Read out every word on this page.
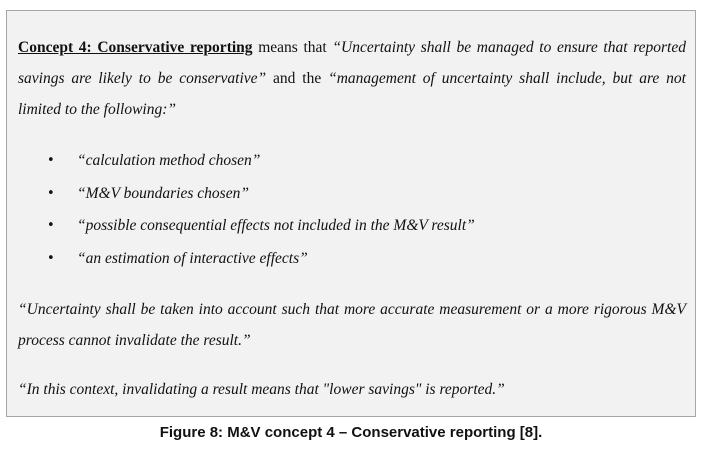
Concept 4: Conservative reporting means that “Uncertainty shall be managed to ensure that reported savings are likely to be conservative” and the “management of uncertainty shall include, but are not limited to the following:”

• “calculation method chosen”
• “M&V boundaries chosen”
• “possible consequential effects not included in the M&V result”
• “an estimation of interactive effects”

“Uncertainty shall be taken into account such that more accurate measurement or a more rigorous M&V process cannot invalidate the result.”

“In this context, invalidating a result means that "lower savings" is reported.”

Figure 8: M&V concept 4 – Conservative reporting [8].
